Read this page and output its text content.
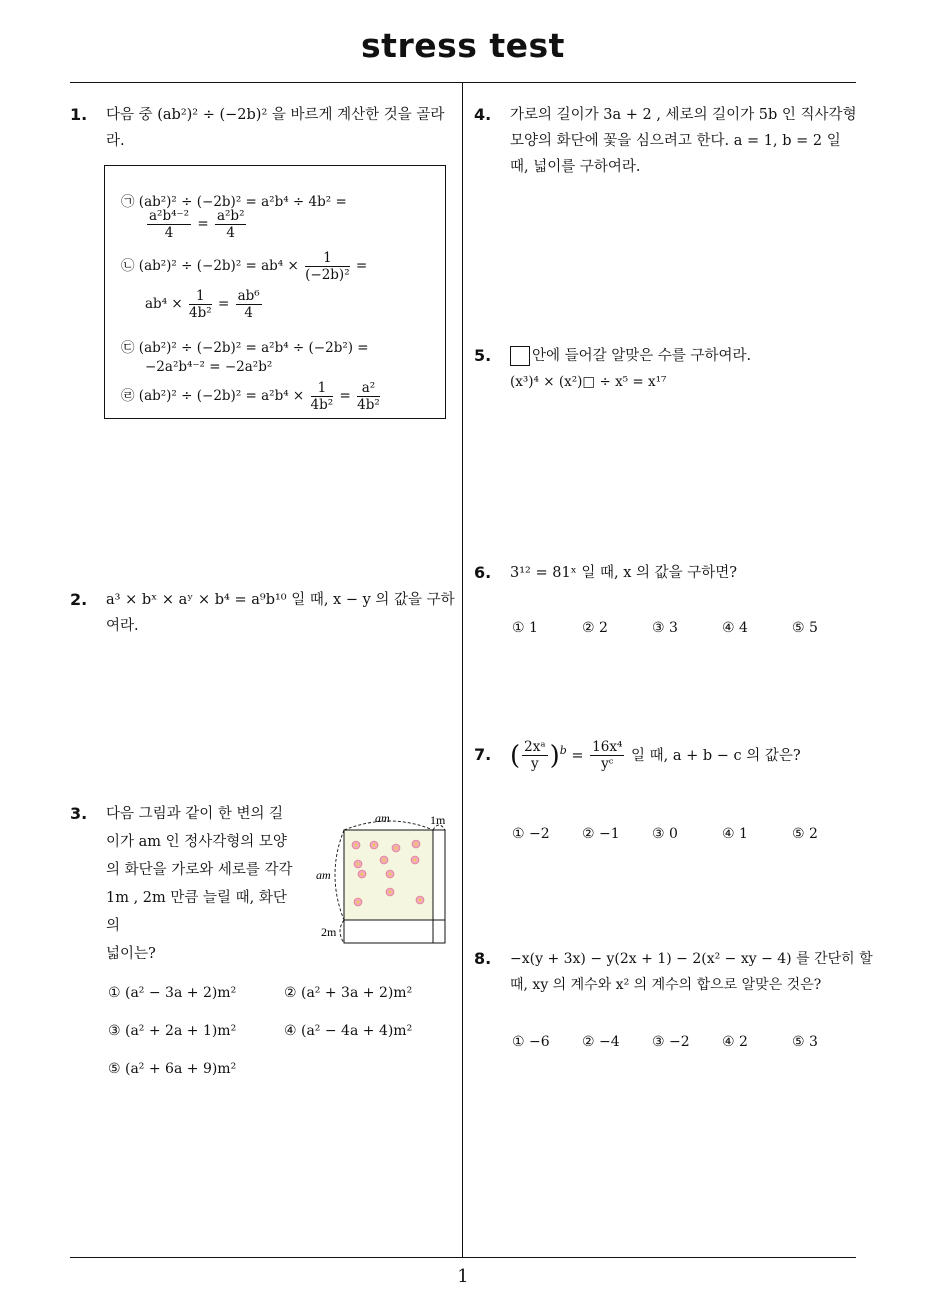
stress test
1
1. 다음 중 (ab²)² ÷ (−2b)² 을 바르게 계산한 것을 골라
라.
㉠ (ab²)² ÷ (−2b)² = a²b⁴ ÷ 4b² =
$\frac{\text{a²b⁴⁻²}}{4} = \frac{\text{a²b²}}{4}$
㉡ $(ab^2)^2 \div (-2b)^2 = ab^4 \times \frac{1}{\text{(−2b)²}}$ =
$ab^4 \times \frac{1}{\text{4b²}} = \frac{\text{ab⁶}}{4}$
㉢ (ab²)² ÷ (−2b)² = a²b⁴ ÷ (−2b²) =
−2a²b⁴⁻² = −2a²b²
㉣ $(ab^2)^2 \div (-2b)^2 = a^2b^4 \times \frac{1}{\text{4b²}} = \frac{\text{a²}}{\text{4b²}}$
2. a³ × bˣ × aʸ × b⁴ = a⁹b¹⁰ 일 때, x − y 의 값을 구하
여라.
3. 다음 그림과 같이 한 변의 길
이가 am 인 정사각형의 모양
의 화단을 가로와 세로를 각각
1m , 2m 만큼 늘릴 때, 화단의
넓이는?
am	1m
am
2m
① (a² − 3a + 2)m²	② (a² + 3a + 2)m²
③ (a² + 2a + 1)m²	④ (a² − 4a + 4)m²
⑤ (a² + 6a + 9)m²
4. 가로의 길이가 3a + 2 , 세로의 길이가 5b 인 직사각형
모양의 화단에 꽃을 심으려고 한다. a = 1, b = 2 일
때, 넓이를 구하여라.
5.	안에 들어갈 알맞은 수를 구하여라.
(x³)⁴ × (x²)□ ÷ x⁵ = x¹⁷
6. 3¹² = 81ˣ 일 때, x 의 값을 구하면?
① 1	② 2	③ 3	④ 4	⑤ 5
7. ( $\frac{\text{2xᵃ}}{y} )^b = \frac{\text{16x⁴}}{\text{yᶜ}}$ 일 때, a + b − c 의 값은?
① −2 ② −1 ③ 0	④ 1	⑤ 2
8. −x(y + 3x) − y(2x + 1) − 2(x² − xy − 4) 를 간단히 할
때, xy 의 계수와 x² 의 계수의 합으로 알맞은 것은?
① −6 ② −4 ③ −2 ④ 2	⑤ 3
